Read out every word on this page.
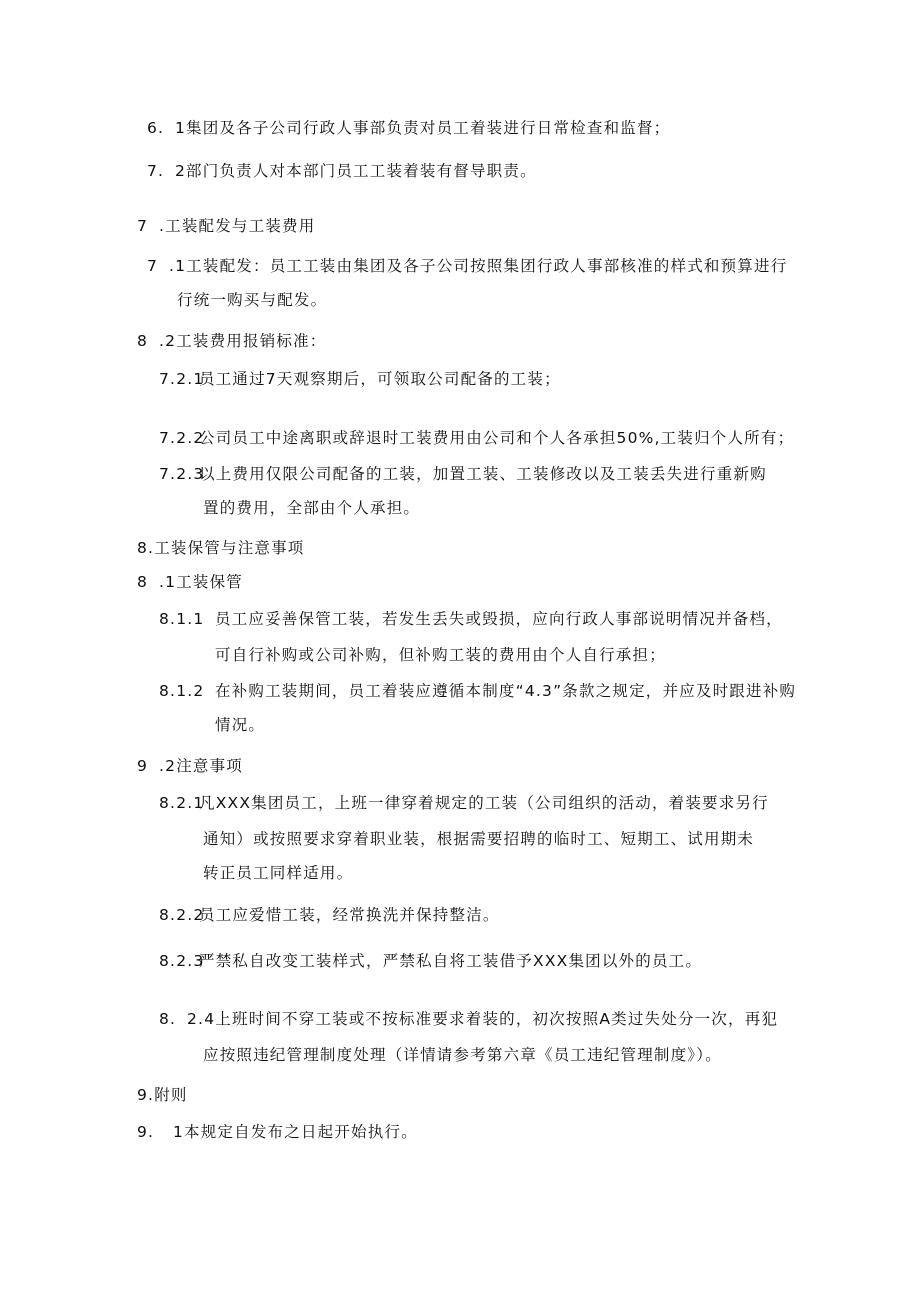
6. 1集团及各子公司行政人事部负责对员工着装进行日常检查和监督；
7. 2部门负责人对本部门员工工装着装有督导职责。
7 .工装配发与工装费用
7 .1工装配发：员工工装由集团及各子公司按照集团行政人事部核准的样式和预算进行
行统一购买与配发。
8 .2工装费用报销标准：
7.2.1员工通过7天观察期后，可领取公司配备的工装；
7.2.2公司员工中途离职或辞退时工装费用由公司和个人各承担50%,工装归个人所有；
7.2.3以上费用仅限公司配备的工装，加置工装、工装修改以及工装丢失进行重新购
置的费用，全部由个人承担。
8.工装保管与注意事项
8 .1工装保管
8.1.1 员工应妥善保管工装，若发生丢失或毁损，应向行政人事部说明情况并备档，
可自行补购或公司补购，但补购工装的费用由个人自行承担；
8.1.2 在补购工装期间，员工着装应遵循本制度“4.3”条款之规定，并应及时跟进补购
情况。
9 .2注意事项
8.2.1凡XXX集团员工，上班一律穿着规定的工装（公司组织的活动，着装要求另行
通知）或按照要求穿着职业装，根据需要招聘的临时工、短期工、试用期未
转正员工同样适用。
8.2.2员工应爱惜工装，经常换洗并保持整洁。
8.2.3严禁私自改变工装样式，严禁私自将工装借予XXX集团以外的员工。
8. 2.4上班时间不穿工装或不按标准要求着装的，初次按照A类过失处分一次，再犯
应按照违纪管理制度处理（详情请参考第六章《员工违纪管理制度》）。
9.附则
9. 1本规定自发布之日起开始执行。
